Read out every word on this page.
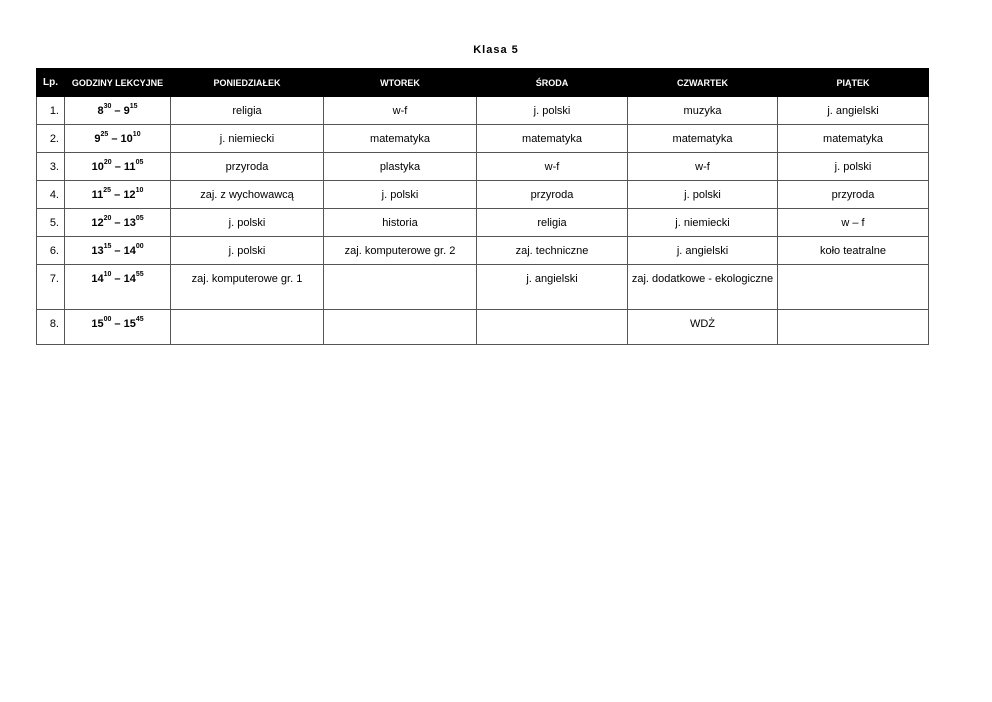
Klasa 5
Lp.	GODZINY LEKCYJNE	PONIEDZIAŁEK	WTOREK	ŚRODA	CZWARTEK	PIĄTEK
1.	$8^{30} - 9^{15}$	religia	w-f	j. polski	muzyka	j. angielski
2.	$9^{25} - 10^{10}$	j. niemiecki	matematyka	matematyka	matematyka	matematyka
3.	$10^{20} - 11^{05}$	przyroda	plastyka	w-f	w-f	j. polski
4.	$11^{25} - 12^{10}$	zaj. z wychowawcą	j. polski	przyroda	j. polski	przyroda
5.	$12^{20} - 13^{05}$	j. polski	historia	religia	j. niemiecki	w – f
6.	$13^{15} - 14^{00}$	j. polski	zaj. komputerowe gr. 2	zaj. techniczne	j. angielski	koło teatralne
7.	$14^{10} - 14^{55}$	zaj. komputerowe gr. 1		j. angielski	zaj. dodatkowe - ekologiczne	
8.	$15^{00} - 15^{45}$				WDŻ	
